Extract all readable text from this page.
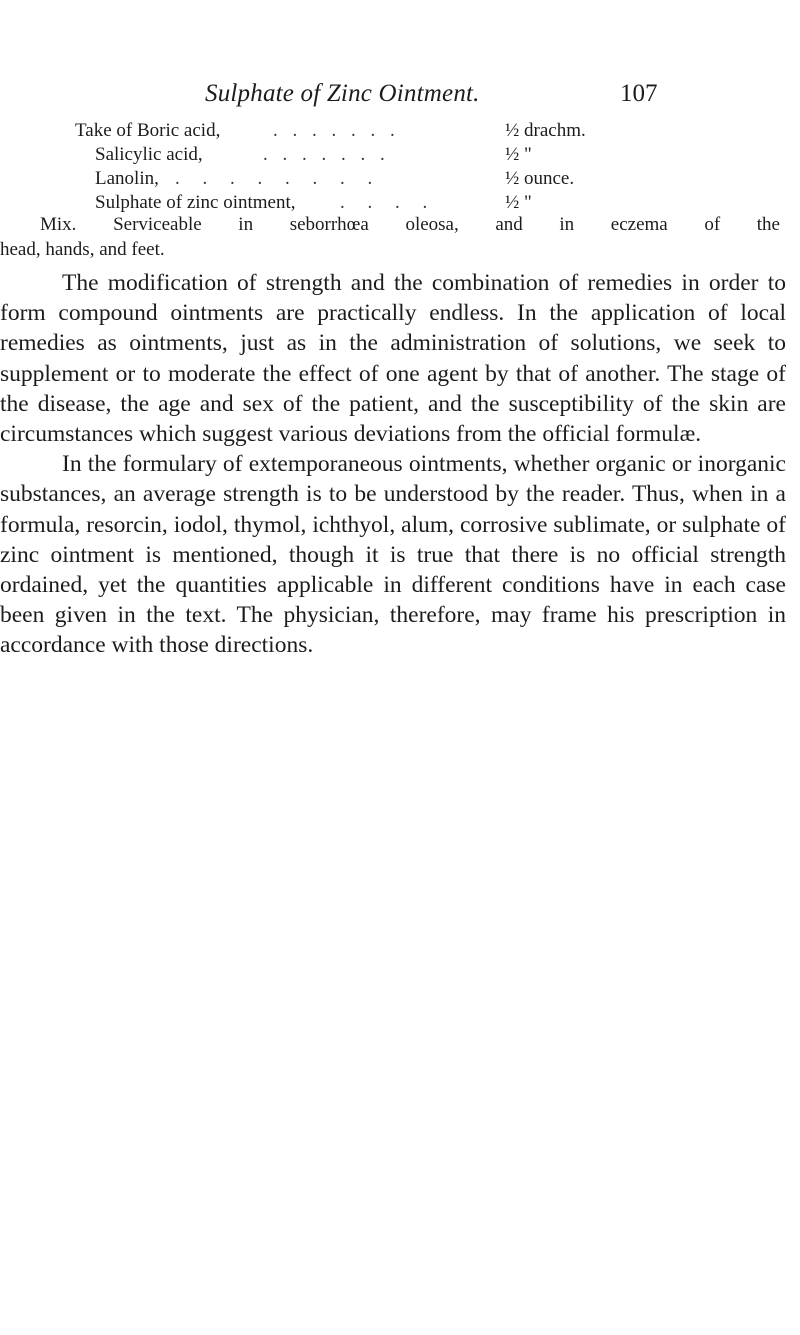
Sulphate of Zinc Ointment.	107
Take of Boric acid,	. . . . . . .	½ drachm.
Salicylic acid,	. . . . . . .	½ "
Lanolin, . . . . . . . .	½ ounce.
Sulphate of zinc ointment, . . . .	½ "
Mix. Serviceable in seborrhœa oleosa, and in eczema of the
head, hands, and feet.

The modification of strength and the combination of remedies in order to form compound ointments are practically endless. In the application of local remedies as ointments, just as in the administration of solutions, we seek to supplement or to moderate the effect of one agent by that of another. The stage of the disease, the age and sex of the patient, and the susceptibility of the skin are circumstances which suggest various deviations from the official formulæ.

In the formulary of extemporaneous ointments, whether organic or inorganic substances, an average strength is to be understood by the reader. Thus, when in a formula, resorcin, iodol, thymol, ichthyol, alum, corrosive sublimate, or sulphate of zinc ointment is mentioned, though it is true that there is no official strength ordained, yet the quantities applicable in different conditions have in each case been given in the text. The physician, therefore, may frame his prescription in accordance with those directions.
